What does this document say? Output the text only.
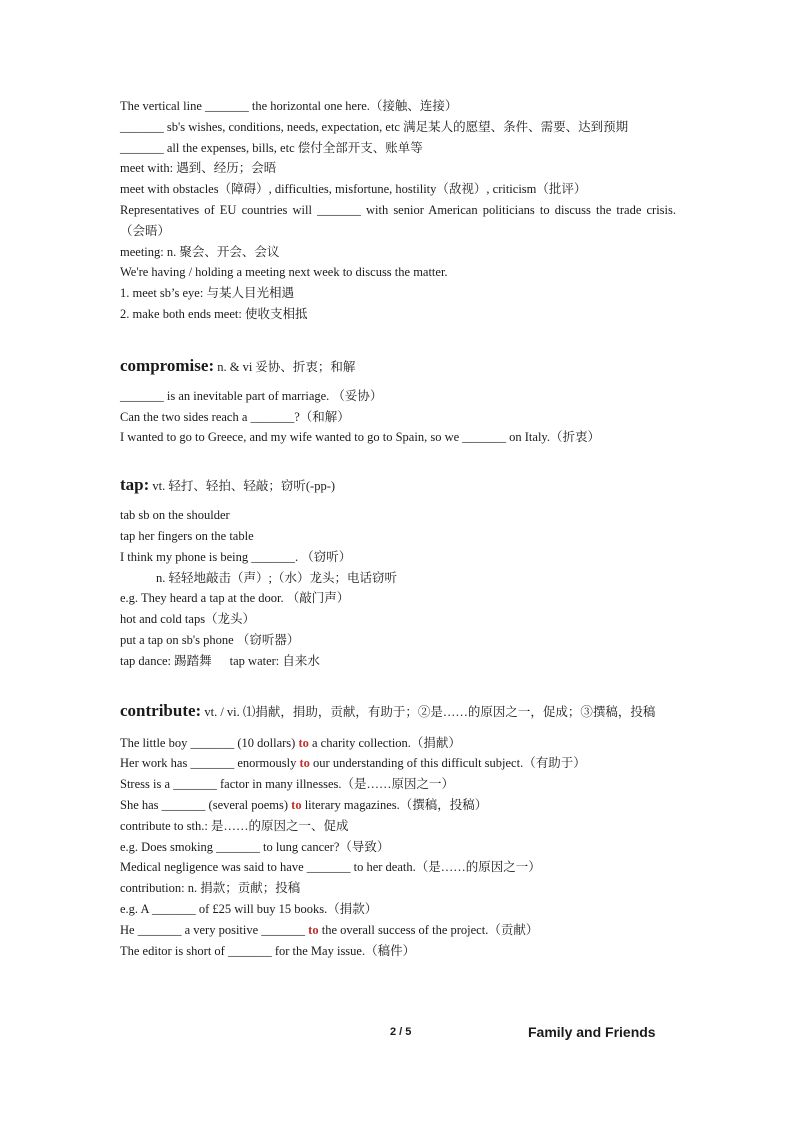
The vertical line _______ the horizontal one here.（接触、连接）
_______ sb's wishes, conditions, needs, expectation, etc 满足某人的愿望、条件、需要、达到预期
_______ all the expenses, bills, etc 偿付全部开支、账单等
meet with: 遇到、经历；会晤
meet with obstacles（障碍）, difficulties, misfortune, hostility（敌视）, criticism（批评）
Representatives of EU countries will _______ with senior American politicians to discuss the trade crisis. （会晤）
meeting: n. 聚会、开会、会议
We're having / holding a meeting next week to discuss the matter.
1. meet sb’s eye: 与某人目光相遇
2. make both ends meet: 使收支相抵
compromise: n. & vi 妥协、折衷；和解
_______ is an inevitable part of marriage. （妥协）
Can the two sides reach a _______?（和解）
I wanted to go to Greece, and my wife wanted to go to Spain, so we _______ on Italy.（折衷）
tap: vt. 轻打、轻拍、轻敲；窃听(-pp-)
tab sb on the shoulder
tap her fingers on the table
I think my phone is being _______. （窃听）
n. 轻轻地敲击（声）;（水）龙头；电话窃听
e.g. They heard a tap at the door. （敲门声）
hot and cold taps（龙头）
put a tap on sb's phone （窃听器）
tap dance: 踢踏舞 tap water: 自来水
contribute: vt. / vi. ⑴捐献，捐助，贡献，有助于；②是……的原因之一，促成；③撰稿，投稿
The little boy _______ (10 dollars) to a charity collection.（捐献）
Her work has _______ enormously to our understanding of this difficult subject.（有助于）
Stress is a _______ factor in many illnesses.（是……原因之一）
She has _______ (several poems) to literary magazines.（撰稿，投稿）
contribute to sth.: 是……的原因之一、促成
e.g. Does smoking _______ to lung cancer?（导致）
Medical negligence was said to have _______ to her death.（是……的原因之一）
contribution: n. 捐款；贡献；投稿
e.g. A _______ of £25 will buy 15 books.（捐款）
He _______ a very positive _______ to the overall success of the project.（贡献）
The editor is short of _______ for the May issue.（稿件）
2 / 5	Family and Friends
